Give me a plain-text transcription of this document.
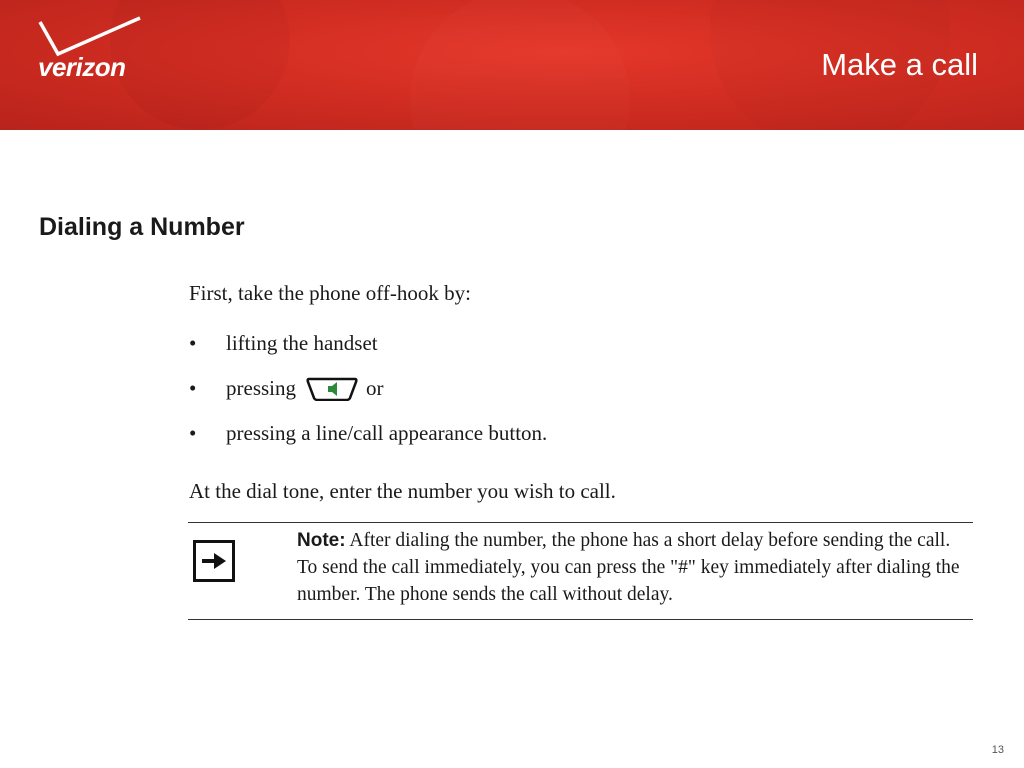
verizon	Make a call
Dialing a Number
First, take the phone off-hook by:
•	lifting the handset
•	pressing	or
•	pressing a line/call appearance button.
At the dial tone, enter the number you wish to call.
Note: After dialing the number, the phone has a short delay before sending the call. To send the call immediately, you can press the "#" key immediately after dialing the number. The phone sends the call without delay.
13
